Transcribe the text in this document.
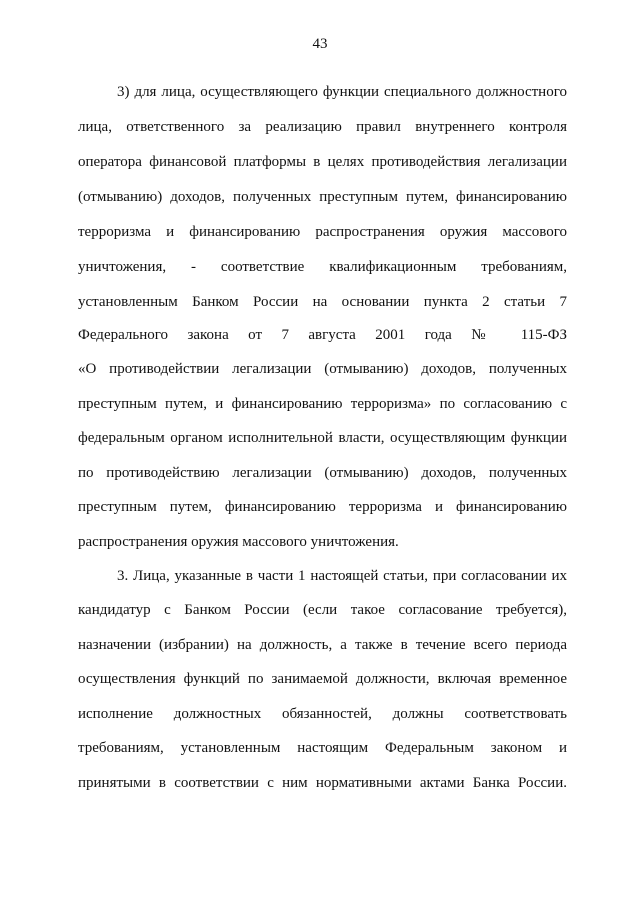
43
3) для лица, осуществляющего функции специального должностного
лица, ответственного за реализацию правил внутреннего контроля
оператора финансовой платформы в целях противодействия легализации
(отмыванию) доходов, полученных преступным путем, финансированию
терроризма и финансированию распространения оружия массового
уничтожения, - соответствие квалификационным требованиям,
установленным Банком России на основании пункта 2 статьи 7
Федерального закона от 7 августа 2001 года № 115-ФЗ
«О противодействии легализации (отмыванию) доходов, полученных
преступным путем, и финансированию терроризма» по согласованию с
федеральным органом исполнительной власти, осуществляющим функции
по противодействию легализации (отмыванию) доходов, полученных
преступным путем, финансированию терроризма и финансированию
распространения оружия массового уничтожения.
3. Лица, указанные в части 1 настоящей статьи, при согласовании их
кандидатур с Банком России (если такое согласование требуется),
назначении (избрании) на должность, а также в течение всего периода
осуществления функций по занимаемой должности, включая временное
исполнение должностных обязанностей, должны соответствовать
требованиям, установленным настоящим Федеральным законом и
принятыми в соответствии с ним нормативными актами Банка России.
